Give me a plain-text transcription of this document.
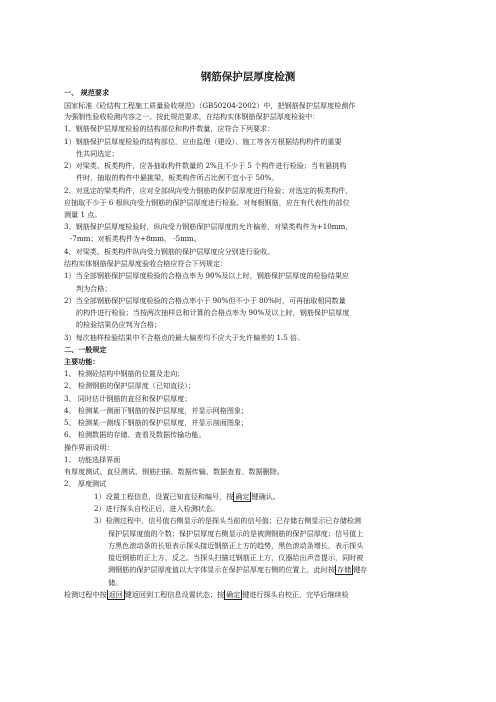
钢筋保护层厚度检测
一、 规范要求
国家标准《砼结构工程施工质量验收规范》（GB50204-2002）中，把钢筋保护层厚度检测作
为强制性验收检测内容之一。按此规范要求，在结构实体钢筋保护层厚度检验中：
1、钢筋保护层厚度检验的结构部位和构件数量，应符合下列要求：
1）钢筋保护层厚度检验的结构部位，应由监理（建设）、施工等各方根据结构构件的重要
性共同选定；
2）对梁类、板类构件，应各抽取构件数量的 2%且不少于 5 个构件进行检验；当有悬挑构
件时，抽取的构件中悬挑梁、板类构件所占比例不宜小于 50%。
2、对选定的梁类构件，应对全部纵向受力钢筋的保护层厚度进行检验；对选定的板类构件，
应抽取不少于 6 根纵向受力钢筋的保护层厚度进行检验。对每根钢筋，应在有代表性的部位
测量 1 点。
3、钢筋保护层厚度检验时，纵向受力钢筋保护层厚度的允许偏差，对梁类构件为+10mm，
-7mm；对板类构件为+8mm， -5mm。
4、对梁类、板类构件纵向受力钢筋的保护层厚度应分别进行验收。
结构实体钢筋保护层厚度验收合格应符合下列规定：
1）当全部钢筋保护层厚度检验的合格点率为 90%及以上时，钢筋保护层厚度的检验结果应
判为合格；
2）当全部钢筋保护层厚度检验的合格点率小于 90%但不小于 80%时，可再抽取相同数量
的构件进行检验；当按两次抽样总和计算的合格点率为 90%及以上时，钢筋保护层厚度
的检验结果仍应判为合格；
3）每次抽样检验结果中不合格点的最大偏差均不应大于允许偏差的 1.5 倍。
二、一般规定
主要功能：
1、 检测砼结构中钢筋的位置及走向；
2、 检测钢筋的保护层厚度（已知直径）；
3、 同时估计钢筋的直径和保护层厚度；
4、 检测某一测面下钢筋的保护层厚度，并显示网格图象；
5、 检测某一测线下钢筋的保护层厚度，并显示剖面图象；
6、 检测数据的存储、查看及数据传输功能。
操作界面说明：
1、 功能选择界面
有厚度测试、直径测试、钢筋扫描、数据传输、数据查看、数据删除。
2、 厚度测试
1）设置工程信息，设置已知直径和编号，按 确定 键确认。
2）进行探头自校正后，进入检测状态。
3）检测过程中，信号值右侧显示的是探头当前的信号值；已存储右侧显示已存储检测
保护层厚度值的个数；保护层厚度右侧显示的是被测钢筋的保护层厚度；信号值上
方黑色滚动条的长短表示探头接近钢筋正上方的趋势，黑色滚动条增长，表示探头
接近钢筋的正上方，反之。当探头扫描过钢筋正上方，仪器给出声音提示，同时被
测钢筋的保护层厚度值以大字体显示在保护层厚度右侧的位置上，此时按 存储 键存
储。
检测过程中按 返回 键返回到工程信息设置状态；按 确定 键进行探头自校正，完毕后继续检
